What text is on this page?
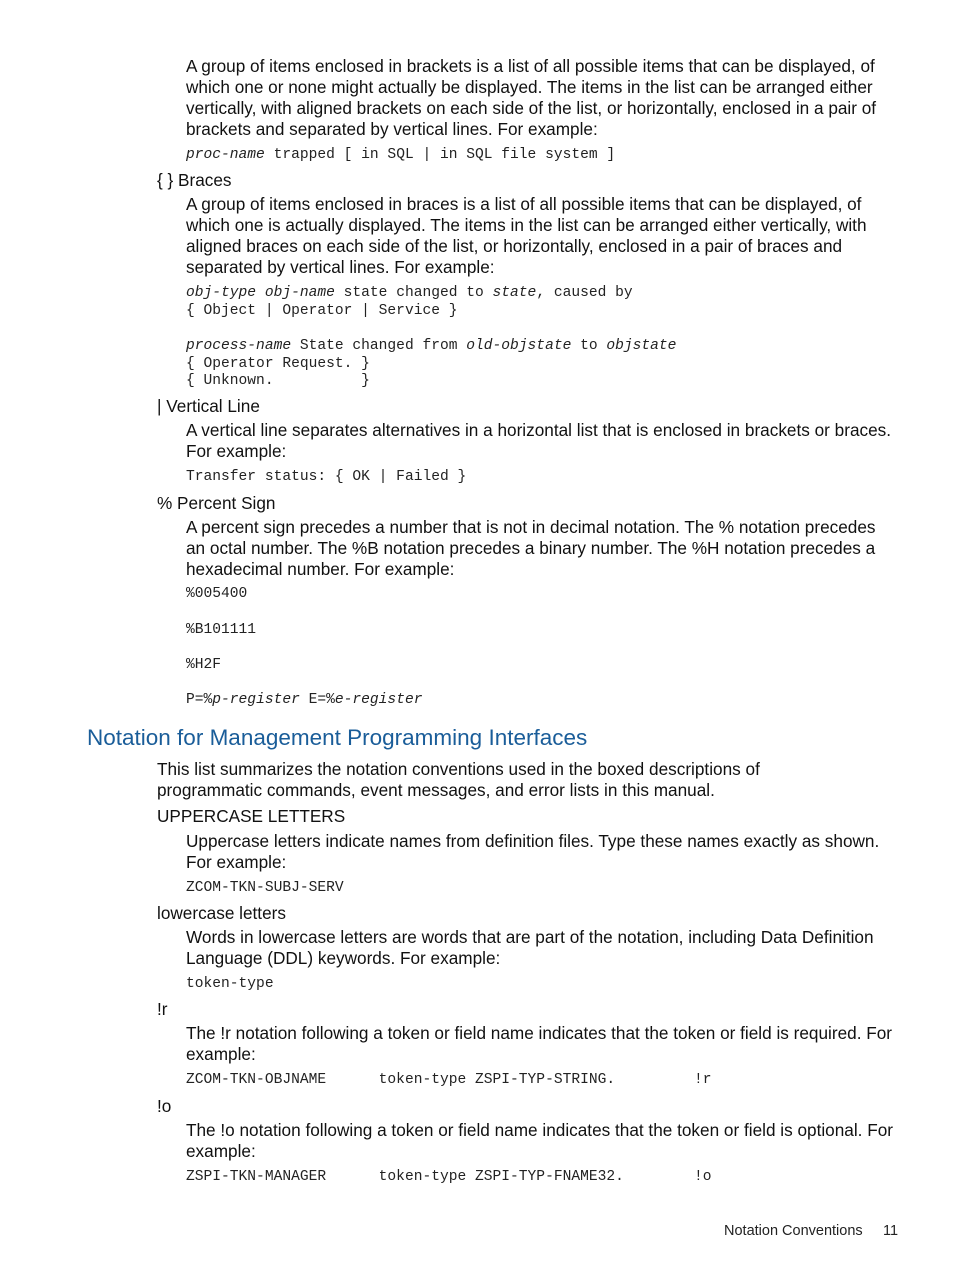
A group of items enclosed in brackets is a list of all possible items that can be displayed, of which one or none might actually be displayed. The items in the list can be arranged either vertically, with aligned brackets on each side of the list, or horizontally, enclosed in a pair of brackets and separated by vertical lines. For example:

proc-name trapped [ in SQL | in SQL file system ]

{ } Braces

A group of items enclosed in braces is a list of all possible items that can be displayed, of which one is actually displayed. The items in the list can be arranged either vertically, with aligned braces on each side of the list, or horizontally, enclosed in a pair of braces and separated by vertical lines. For example:

obj-type obj-name state changed to state, caused by
{ Object | Operator | Service }
process-name State changed from old-objstate to objstate
{ Operator Request. }
{ Unknown.          }

| Vertical Line

A vertical line separates alternatives in a horizontal list that is enclosed in brackets or braces. For example:

Transfer status: { OK | Failed }

% Percent Sign

A percent sign precedes a number that is not in decimal notation. The % notation precedes an octal number. The %B notation precedes a binary number. The %H notation precedes a hexadecimal number. For example:

%005400
%B101111
%H2F
P=%p-register E=%e-register
Notation for Management Programming Interfaces

This list summarizes the notation conventions used in the boxed descriptions of programmatic commands, event messages, and error lists in this manual.

UPPERCASE LETTERS

Uppercase letters indicate names from definition files. Type these names exactly as shown. For example:

ZCOM-TKN-SUBJ-SERV

lowercase letters

Words in lowercase letters are words that are part of the notation, including Data Definition Language (DDL) keywords. For example:

token-type

!r

The !r notation following a token or field name indicates that the token or field is required. For example:

ZCOM-TKN-OBJNAME      token-type ZSPI-TYP-STRING.         !r

!o

The !o notation following a token or field name indicates that the token or field is optional. For example:

ZSPI-TKN-MANAGER      token-type ZSPI-TYP-FNAME32.        !o
Notation Conventions 11
